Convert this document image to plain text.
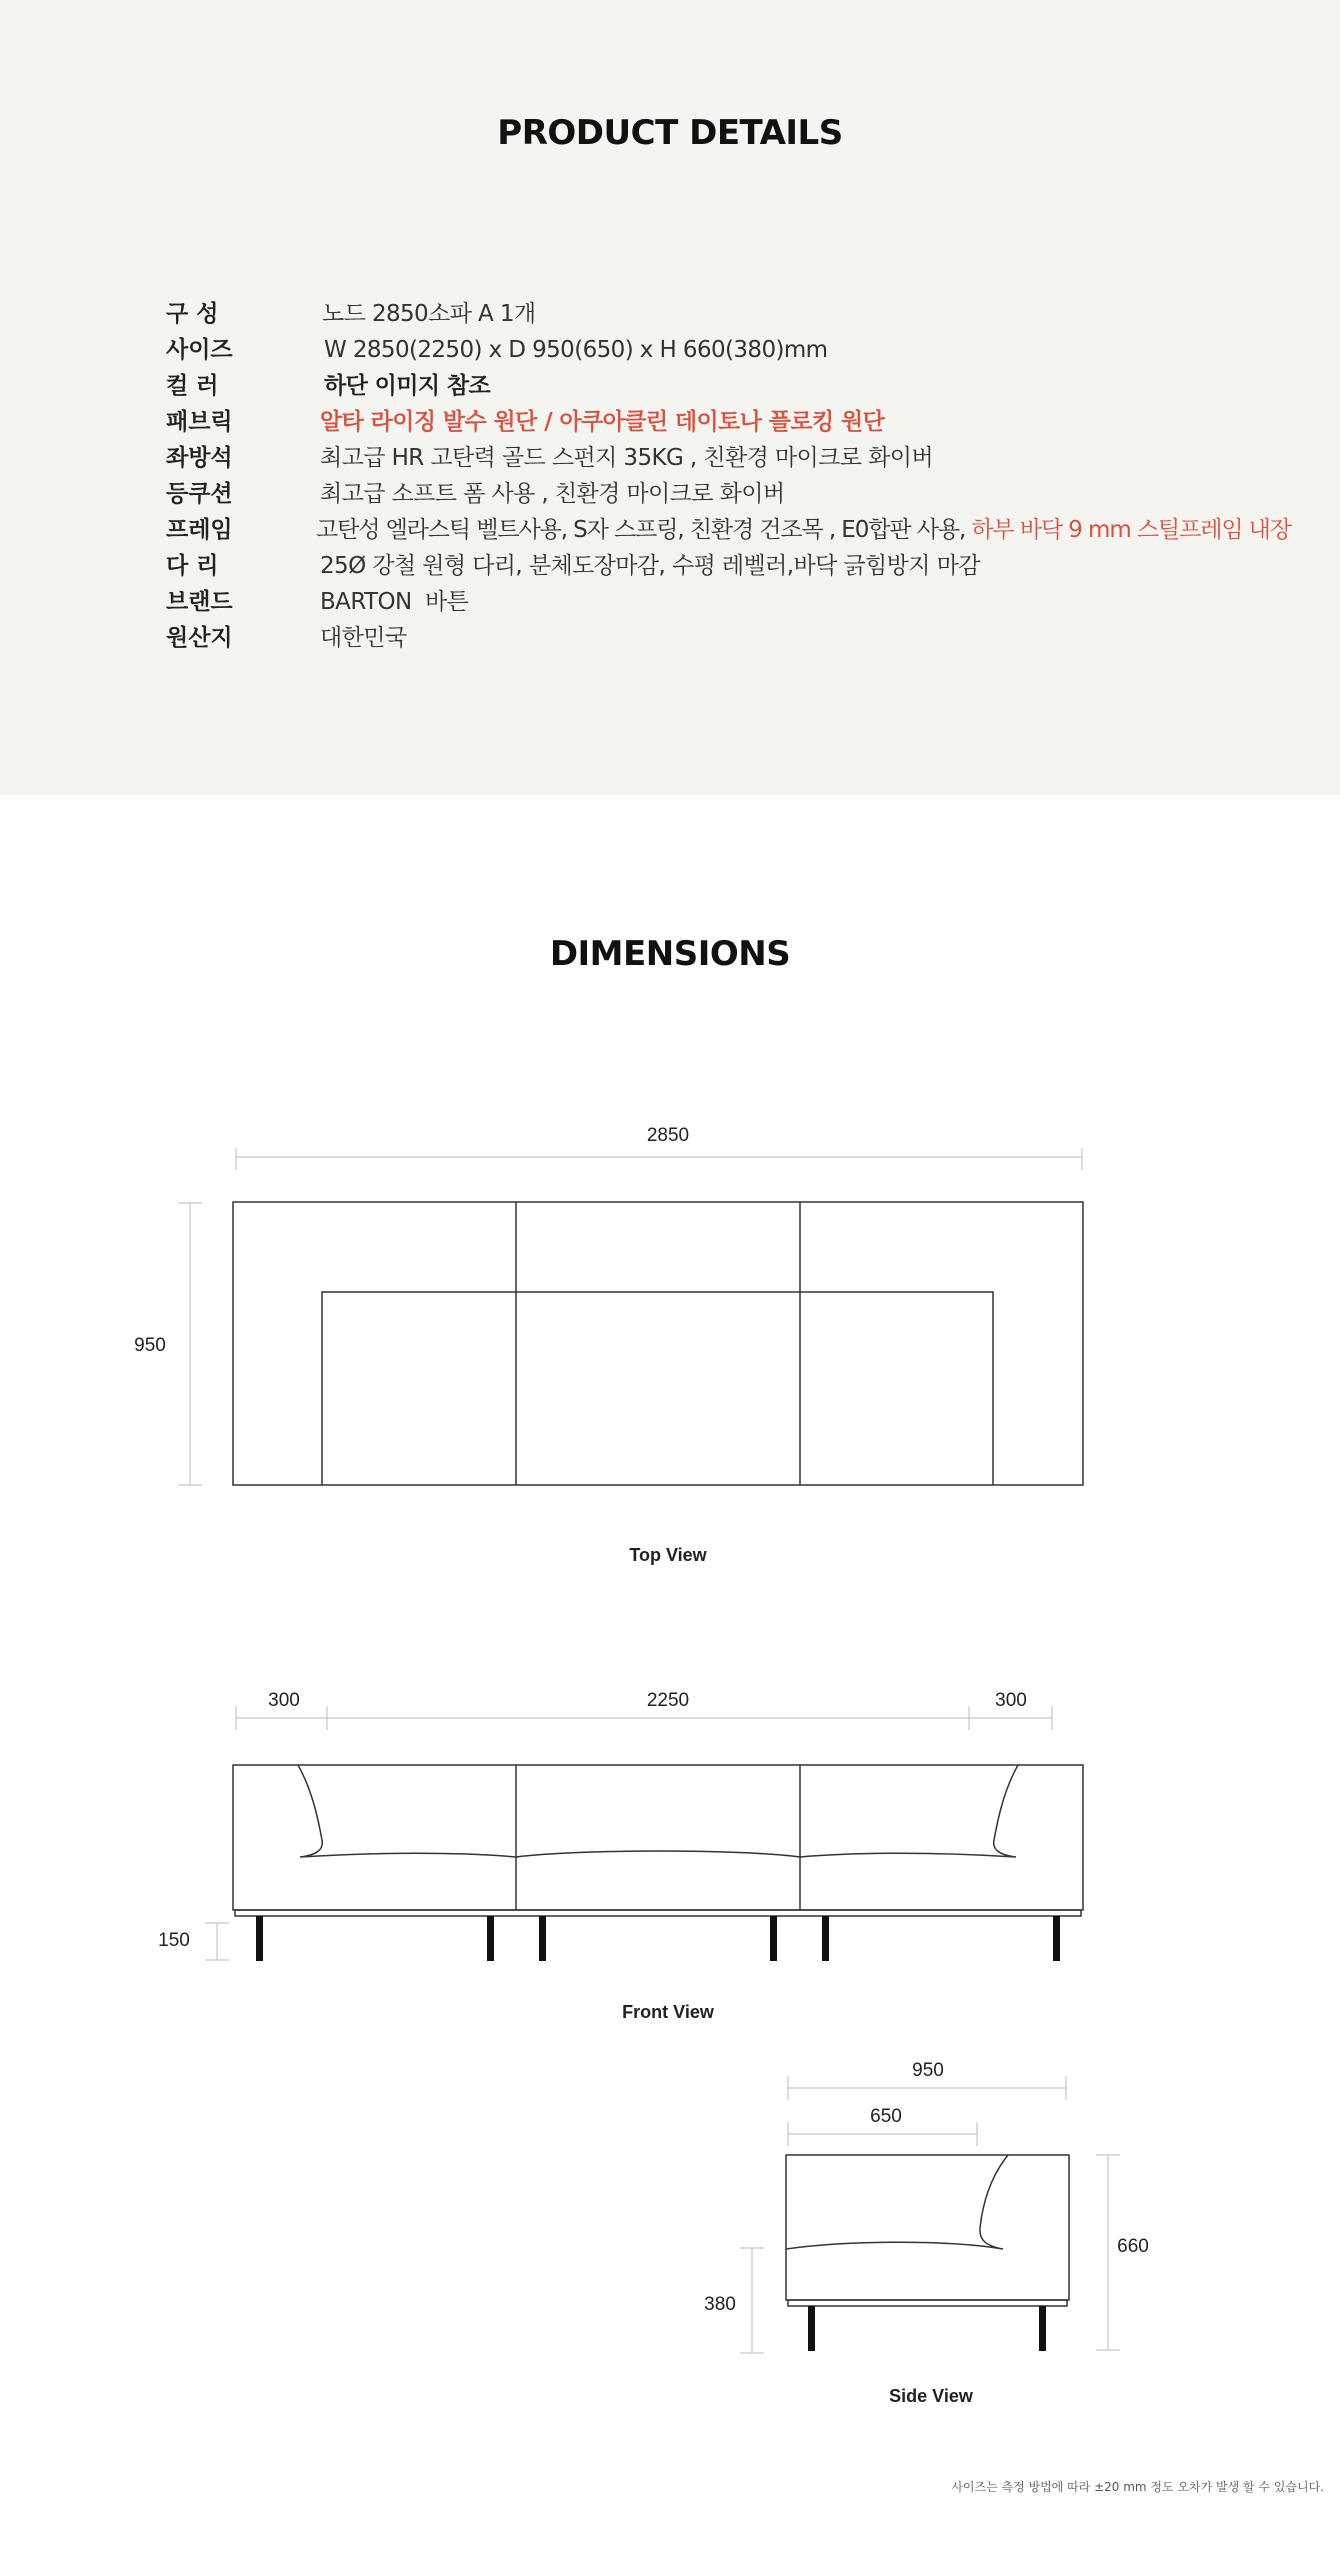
PRODUCT DETAILS
구 성	노드 2850소파 A 1개
사이즈	W 2850(2250) x D 950(650) x H 660(380)mm
컬 러	하단 이미지 참조
패브릭	알타 라이징 발수 원단 / 아쿠아클린 데이토나 플로킹 원단
좌방석	최고급 HR 고탄력 골드 스펀지 35KG , 친환경 마이크로 화이버
등쿠션	최고급 소프트 폼 사용 , 친환경 마이크로 화이버
프레임	고탄성 엘라스틱 벨트사용, S자 스프링, 친환경 건조목 , E0합판 사용, 하부 바닥 9 mm 스틸프레임 내장
다 리	25Ø 강철 원형 다리, 분체도장마감, 수평 레벨러,바닥 긁힘방지 마감
브랜드	BARTON  바튼
원산지	대한민국
DIMENSIONS
2850
950
Top View
300	2250	300
150
Front View
950
650
660
380
Side View
사이즈는 측정 방법에 따라 ±20 mm 정도 오차가 발생 할 수 있습니다.
